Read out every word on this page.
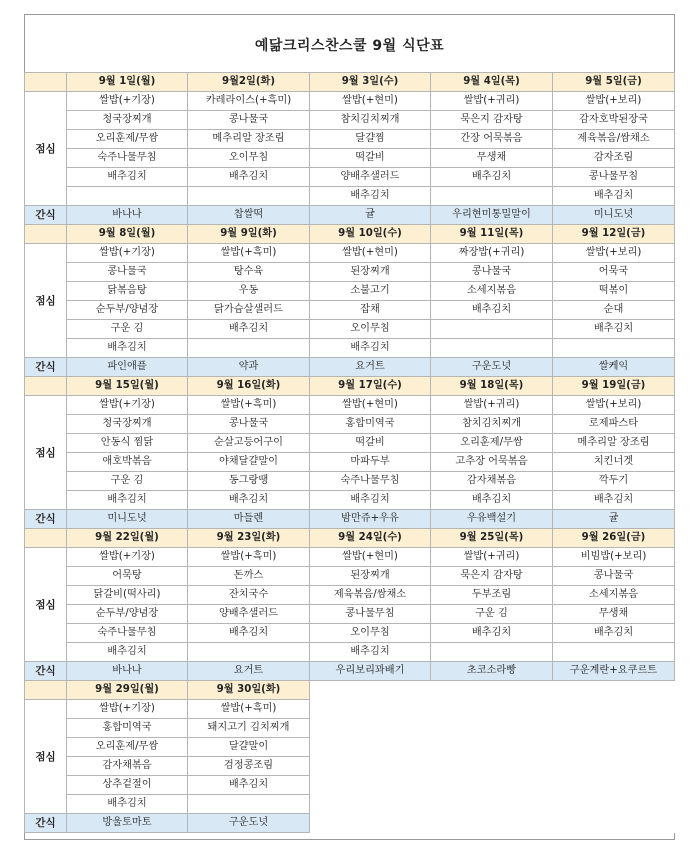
예닮크리스찬스쿨 9월 식단표
	9월 1일(월)	9월2일(화)	9월 3일(수)	9월 4일(목)	9월 5일(금)
점심	쌀밥(+기장)	카레라이스(+흑미)	쌀밥(+현미)	쌀밥(+귀리)	쌀밥(+보리)
	청국장찌개	콩나물국	참치김치찌개	묵은지 감자탕	감자호박된장국
	오리훈제/무쌈	메추리알 장조림	달걀찜	간장 어묵볶음	제육볶음/쌈채소
	숙주나물무침	오이무침	떡갈비	무생채	감자조림
	배추김치	배추김치	양배추샐러드	배추김치	콩나물무침
			배추김치		배추김치
간식	바나나	찹쌀떡	귤	우리현미통밀말이	미니도넛
	9월 8일(월)	9월 9일(화)	9월 10일(수)	9월 11일(목)	9월 12일(금)
점심	쌀밥(+기장)	쌀밥(+흑미)	쌀밥(+현미)	짜장밥(+귀리)	쌀밥(+보리)
	콩나물국	탕수육	된장찌개	콩나물국	어묵국
	닭볶음탕	우동	소불고기	소세지볶음	떡볶이
	순두부/양념장	닭가슴살샐러드	잡채	배추김치	순대
	구운 김	배추김치	오이무침		배추김치
	배추김치		배추김치		
간식	파인애플	약과	요거트	구운도넛	쌀케익
	9월 15일(월)	9월 16일(화)	9월 17일(수)	9월 18일(목)	9월 19일(금)
점심	쌀밥(+기장)	쌀밥(+흑미)	쌀밥(+현미)	쌀밥(+귀리)	쌀밥(+보리)
	청국장찌개	콩나물국	홍합미역국	참치김치찌개	로제파스타
	안동식 찜닭	순살고등어구이	떡갈비	오리훈제/무쌈	메추리알 장조림
	애호박볶음	야채달걀말이	마파두부	고추장 어묵볶음	치킨너겟
	구운 김	동그랑땡	숙주나물무침	감자채볶음	깍두기
	배추김치	배추김치	배추김치	배추김치	배추김치
간식	미니도넛	마들렌	밤만쥬+우유	우유백설기	귤
	9월 22일(월)	9월 23일(화)	9월 24일(수)	9월 25일(목)	9월 26일(금)
점심	쌀밥(+기장)	쌀밥(+흑미)	쌀밥(+현미)	쌀밥(+귀리)	비빔밥(+보리)
	어묵탕	돈까스	된장찌개	묵은지 감자탕	콩나물국
	닭갈비(떡사리)	잔치국수	제육볶음/쌈채소	두부조림	소세지볶음
	순두부/양념장	양배추샐러드	콩나물무침	구운 김	무생채
	숙주나물무침	배추김치	오이무침	배추김치	배추김치
	배추김치		배추김치		
간식	바나나	요거트	우리보리꽈배기	초코소라빵	구운계란+요쿠르트
	9월 29일(월)	9월 30일(화)			
점심	쌀밥(+기장)	쌀밥(+흑미)			
	홍합미역국	돼지고기 김치찌개			
	오리훈제/무쌈	달걀말이			
	감자채볶음	검정콩조림			
	상추겉절이	배추김치			
	배추김치				
간식	방울토마토	구운도넛			
